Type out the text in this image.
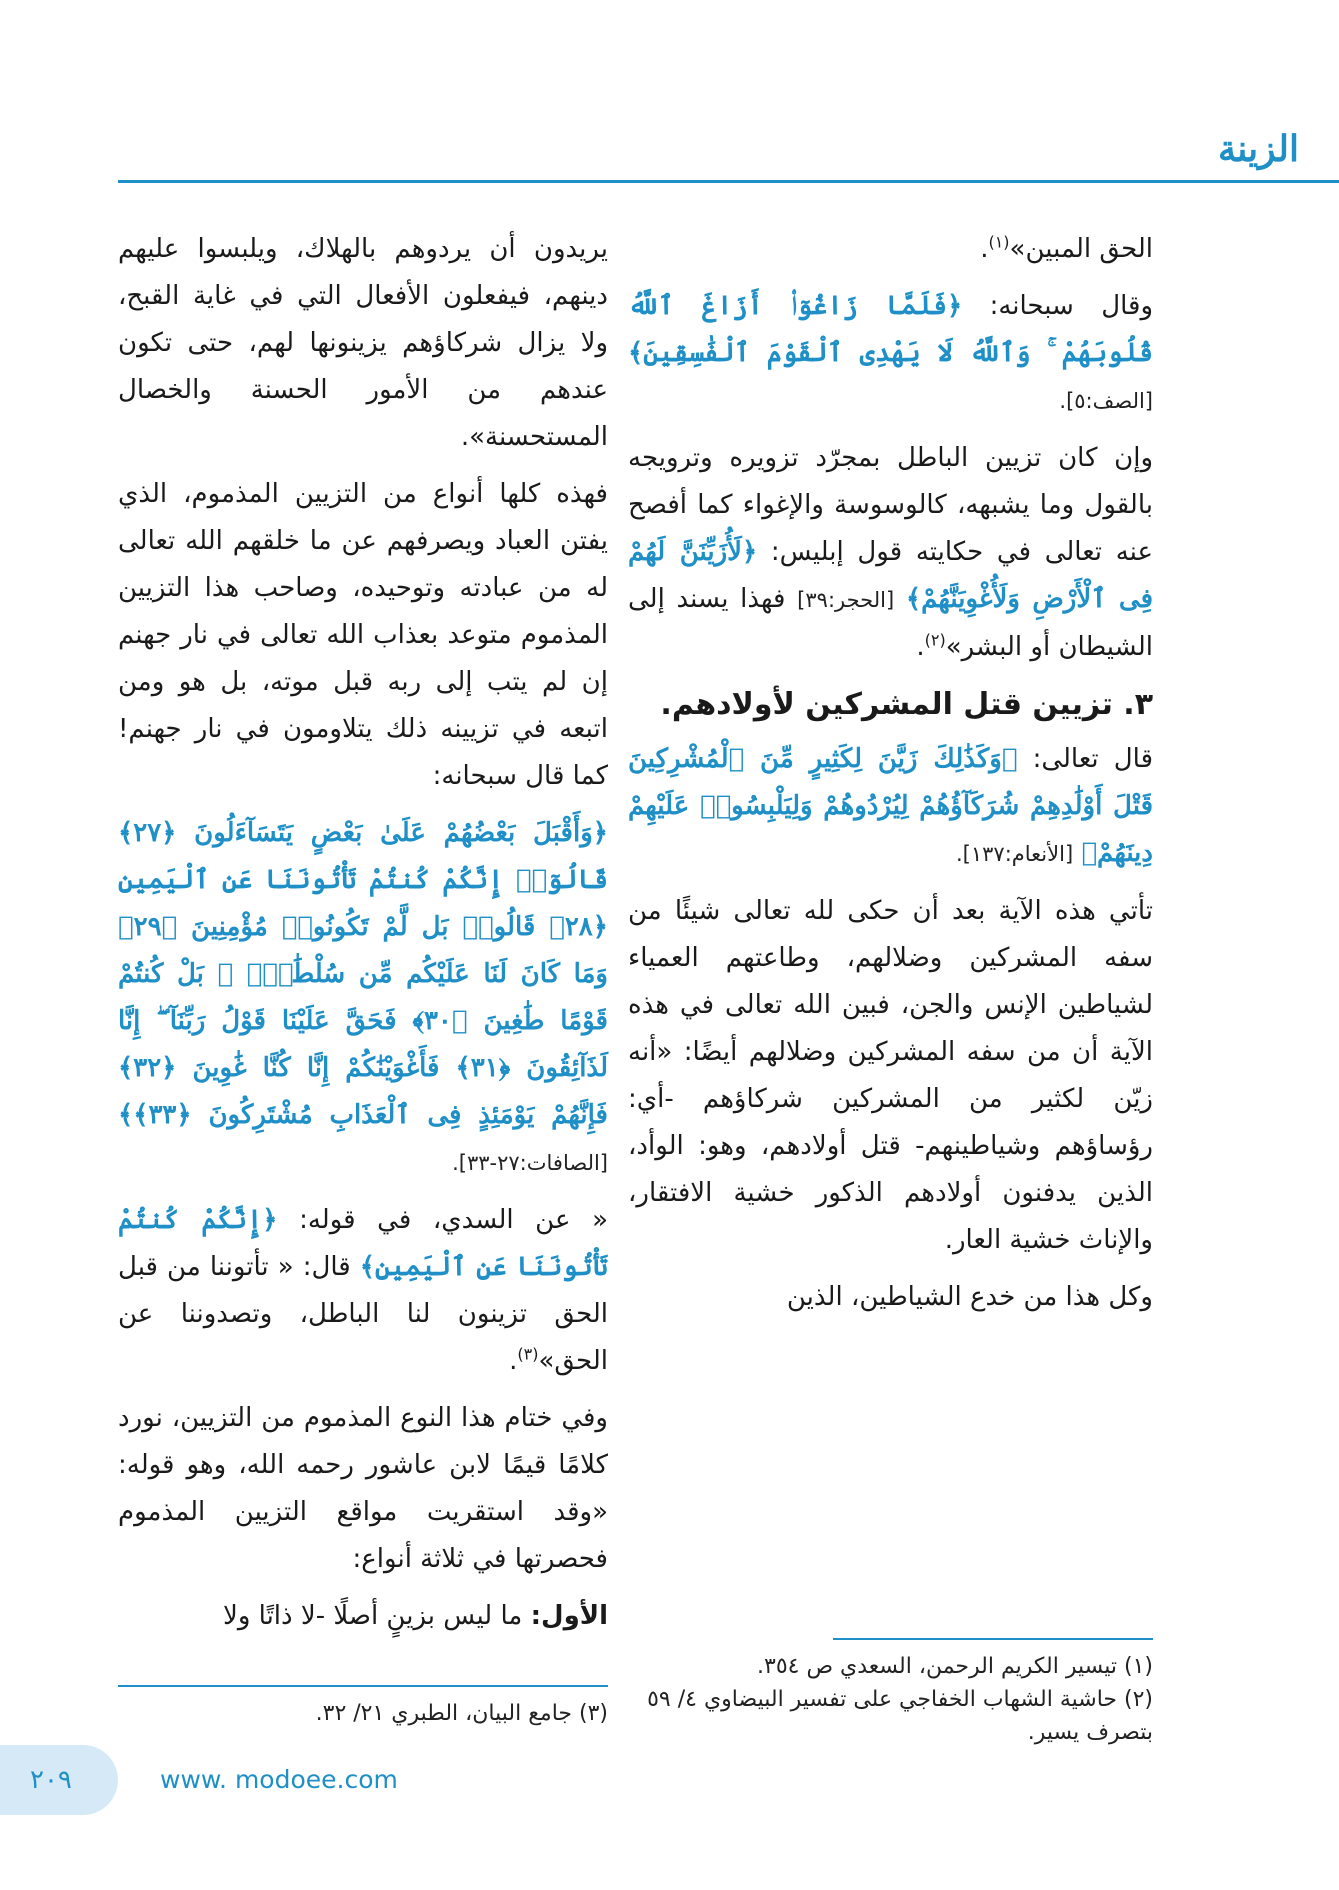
الزينة

الحق المبين»$^{(١)}$.

وقال سبحانه: ﴿فَلَمَّا زَاغُوٓا۟ أَزَاغَ ٱللَّهُ قُلُوبَهُمْ ۚ وَٱللَّهُ لَا يَهْدِى ٱلْقَوْمَ ٱلْفَٰسِقِينَ﴾ [الصف:٥].

وإن كان تزيين الباطل بمجرّد تزويره وترويجه بالقول وما يشبهه، كالوسوسة والإغواء كما أفصح عنه تعالى في حكايته قول إبليس: ﴿لَأُزَيِّنَنَّ لَهُمْ فِى ٱلْأَرْضِ وَلَأُغْوِيَنَّهُمْ﴾ [الحجر:٣٩] فهذا يسند إلى الشيطان أو البشر»$^{(٢)}$.

٣. تزيين قتل المشركين لأولادهم.

قال تعالى: ﴿وَكَذَٰلِكَ زَيَّنَ لِكَثِيرٍ مِّنَ ٱلْمُشْرِكِينَ قَتْلَ أَوْلَٰدِهِمْ شُرَكَآؤُهُمْ لِيُرْدُوهُمْ وَلِيَلْبِسُوا۟ عَلَيْهِمْ دِينَهُمْ﴾ [الأنعام:١٣٧].

تأتي هذه الآية بعد أن حكى لله تعالى شيئًا من سفه المشركين وضلالهم، وطاعتهم العمياء لشياطين الإنس والجن، فبين الله تعالى في هذه الآية أن من سفه المشركين وضلالهم أيضًا: «أنه زيّن لكثير من المشركين شركاؤهم -أي: رؤساؤهم وشياطينهم- قتل أولادهم، وهو: الوأد، الذين يدفنون أولادهم الذكور خشية الافتقار، والإناث خشية العار.

وكل هذا من خدع الشياطين، الذين

يريدون أن يردوهم بالهلاك، ويلبسوا عليهم دينهم، فيفعلون الأفعال التي في غاية القبح، ولا يزال شركاؤهم يزينونها لهم، حتى تكون عندهم من الأمور الحسنة والخصال المستحسنة».

فهذه كلها أنواع من التزيين المذموم، الذي يفتن العباد ويصرفهم عن ما خلقهم الله تعالى له من عبادته وتوحيده، وصاحب هذا التزيين المذموم متوعد بعذاب الله تعالى في نار جهنم إن لم يتب إلى ربه قبل موته، بل هو ومن اتبعه في تزيينه ذلك يتلاومون في نار جهنم! كما قال سبحانه:

﴿وَأَقْبَلَ بَعْضُهُمْ عَلَىٰ بَعْضٍ يَتَسَآءَلُونَ ﴿٢٧﴾ قَالُوٓا۟ إِنَّكُمْ كُنتُمْ تَأْتُونَنَا عَنِ ٱلْيَمِينِ ﴿٢٨﴾ قَالُوا۟ بَل لَّمْ تَكُونُوا۟ مُؤْمِنِينَ ﴿٢٩﴾ وَمَا كَانَ لَنَا عَلَيْكُم مِّن سُلْطَٰنٍۭ ۖ بَلْ كُنتُمْ قَوْمًا طَٰغِينَ ﴿٣٠﴾ فَحَقَّ عَلَيْنَا قَوْلُ رَبِّنَآ ۖ إِنَّا لَذَآئِقُونَ ﴿٣١﴾ فَأَغْوَيْنَٰكُمْ إِنَّا كُنَّا غَٰوِينَ ﴿٣٢﴾ فَإِنَّهُمْ يَوْمَئِذٍ فِى ٱلْعَذَابِ مُشْتَرِكُونَ ﴿٣٣﴾﴾ [الصافات:٢٧-٣٣].

« عن السدي، في قوله: ﴿إِنَّكُمْ كُنتُمْ تَأْتُونَنَا عَنِ ٱلْيَمِينِ﴾ قال: « تأتوننا من قبل الحق تزينون لنا الباطل، وتصدوننا عن الحق»$^{(٣)}$.

وفي ختام هذا النوع المذموم من التزيين، نورد كلامًا قيمًا لابن عاشور رحمه الله، وهو قوله: «وقد استقريت مواقع التزيين المذموم فحصرتها في ثلاثة أنواع:

الأول: ما ليس بزينٍ أصلًا -لا ذاتًا ولا

(١) تيسير الكريم الرحمن، السعدي ص ٣٥٤.
(٢) حاشية الشهاب الخفاجي على تفسير البيضاوي ٤/ ٥٩ بتصرف يسير.
(٣) جامع البيان، الطبري ٢١/ ٣٢.
٢٠٩	www. modoee.com
